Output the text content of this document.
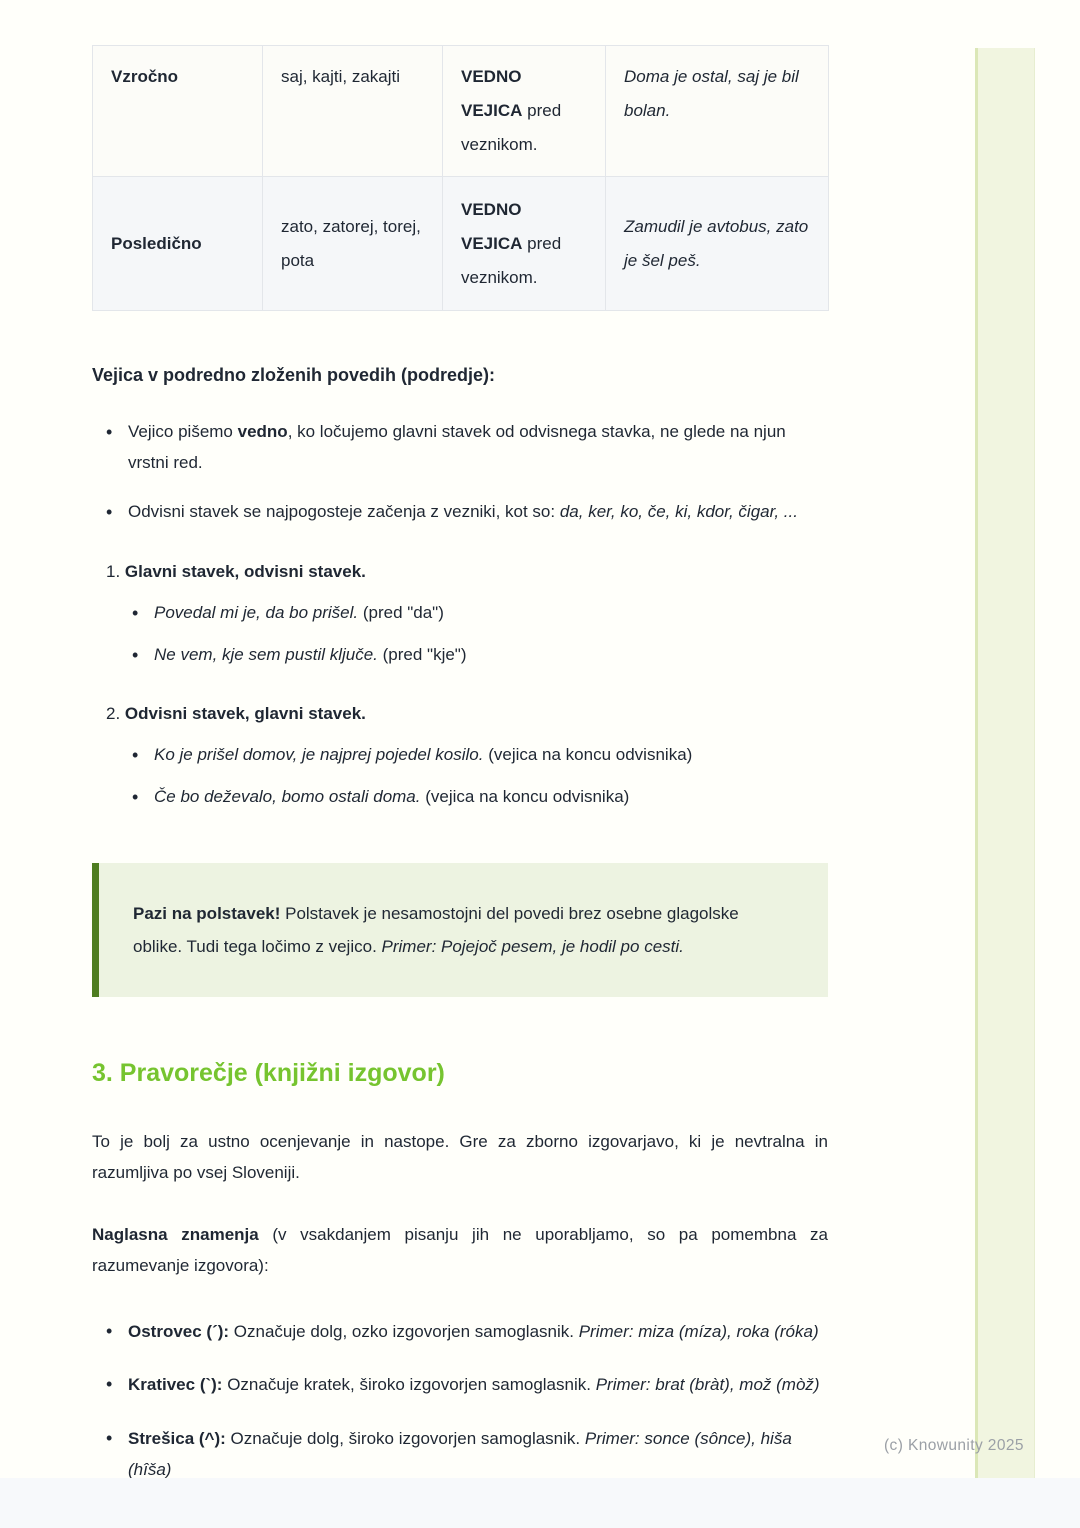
(c) Knowunity 2025
Vzročno	saj, kajti, zakajti	VEDNO VEJICA pred veznikom.	Doma je ostal, saj je bil bolan.
Posledično	zato, zatorej, torej, pota	VEDNO VEJICA pred veznikom.	Zamudil je avtobus, zato je šel peš.
Vejica v podredno zloženih povedih (podredje):
• Vejico pišemo vedno, ko ločujemo glavni stavek od odvisnega stavka, ne glede na njun vrstni red.
• Odvisni stavek se najpogosteje začenja z vezniki, kot so: da, ker, ko, če, ki, kdor, čigar, ...
1. Glavni stavek, odvisni stavek.
• Povedal mi je, da bo prišel. (pred "da")
• Ne vem, kje sem pustil ključe. (pred "kje")
2. Odvisni stavek, glavni stavek.
• Ko je prišel domov, je najprej pojedel kosilo. (vejica na koncu odvisnika)
• Če bo deževalo, bomo ostali doma. (vejica na koncu odvisnika)
Pazi na polstavek! Polstavek je nesamostojni del povedi brez osebne glagolske oblike. Tudi tega ločimo z vejico. Primer: Pojejoč pesem, je hodil po cesti.
3. Pravorečje (knjižni izgovor)

To je bolj za ustno ocenjevanje in nastope. Gre za zborno izgovarjavo, ki je nevtralna in razumljiva po vsej Sloveniji.

Naglasna znamenja (v vsakdanjem pisanju jih ne uporabljamo, so pa pomembna za razumevanje izgovora):

• Ostrovec (´): Označuje dolg, ozko izgovorjen samoglasnik. Primer: miza (míza), roka (róka)
• Krativec (`): Označuje kratek, široko izgovorjen samoglasnik. Primer: brat (bràt), mož (mòž)
• Strešica (^): Označuje dolg, široko izgovorjen samoglasnik. Primer: sonce (sônce), hiša (hîša)
